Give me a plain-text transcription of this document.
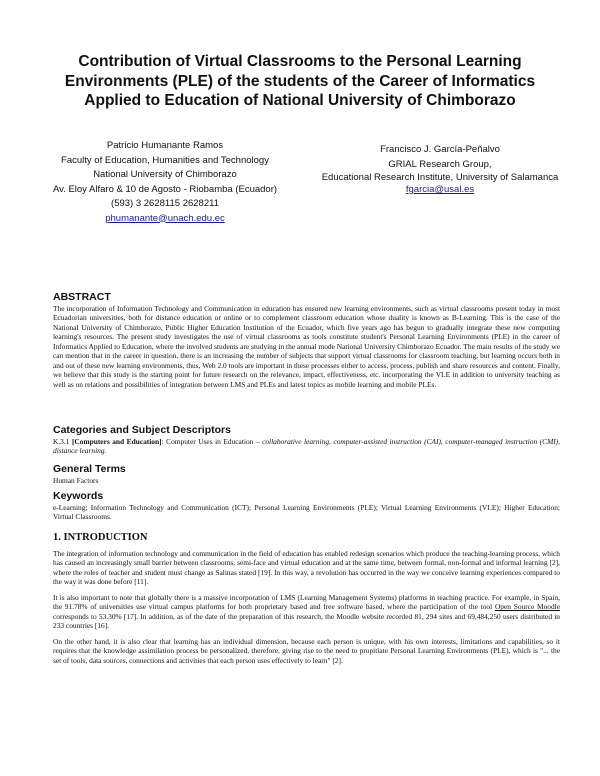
Contribution of Virtual Classrooms to the Personal Learning Environments (PLE) of the students of the Career of Informatics Applied to Education of National University of Chimborazo
Patricio Humanante Ramos
Faculty of Education, Humanities and Technology
National University of Chimborazo
Av. Eloy Alfaro & 10 de Agosto - Riobamba (Ecuador)
(593) 3 2628115 2628211
phumanante@unach.edu.ec
Francisco J. García-Peñalvo
GRIAL Research Group,
Educational Research Institute, University of Salamanca
fgarcia@usal.es
ABSTRACT

The incorporation of Information Technology and Communication in education has ensured new learning environments, such as virtual classrooms present today in most Ecuadorian universities, both for distance education or online or to complement classroom education whose duality is known as B-Learning. This is the case of the National University of Chimborazo, Public Higher Education Institution of the Ecuador, which five years ago has begun to gradually integrate these new computing learning's resources. The present study investigates the use of virtual classrooms as tools constitute student's Personal Learning Environments (PLE) in the career of Informatics Applied to Education, where the involved students are studying in the annual mode National University Chimborazo Ecuador. The main results of the study we can mention that in the career in question, there is an increasing the number of subjects that support virtual classrooms for classroom teaching, but learning occurs both in and out of these new learning environments, thus, Web 2.0 tools are important in these processes either to access, process, publish and share resources and content. Finally, we believe that this study is the starting point for future research on the relevance, impact, effectiveness, etc. incorporating the VLE in addition to university teaching as well as on relations and possibilities of integration between LMS and PLEs and latest topics as mobile learning and mobile PLEs.

Categories and Subject Descriptors

K.3.1 [Computers and Education]: Computer Uses in Education – collaborative learning, computer-assisted instruction (CAI), computer-managed instruction (CMI), distance learning.

General Terms

Human Factors

Keywords

e-Learning; Information Technology and Communication (ICT); Personal Learning Environments (PLE); Virtual Learning Environments (VLE); Higher Education; Virtual Classrooms.

1. INTRODUCTION

The integration of information technology and communication in the field of education has enabled redesign scenarios which produce the teaching-learning process, which has caused an increasingly small barrier between classrooms, semi-face and virtual education and at the same time, between formal, non-formal and informal learning [2], where the roles of teacher and student must change as Salinas stated [19]. In this way, a revolution has occurred in the way we conceive learning experiences compared to the way it was done before [11].

It is also important to note that globally there is a massive incorporation of LMS (Learning Management Systems) platforms in teaching practice. For example, in Spain, the 91.78% of universities use virtual campus platforms for both proprietary based and free software based, where the participation of the tool Open Source Moodle corresponds to 53.30% [17]. In addition, as of the date of the preparation of this research, the Moodle website recorded 81, 294 sites and 69,484,250 users distributed in 233 countries [16].

On the other hand, it is also clear that learning has an individual dimension, because each person is unique, with his own interests, limitations and capabilities, so it requires that the knowledge assimilation process be personalized, therefore, giving rise to the need to propitiate Personal Learning Environments (PLE), which is "... the set of tools, data sources, connections and activities that each person uses effectively to learn" [2].
